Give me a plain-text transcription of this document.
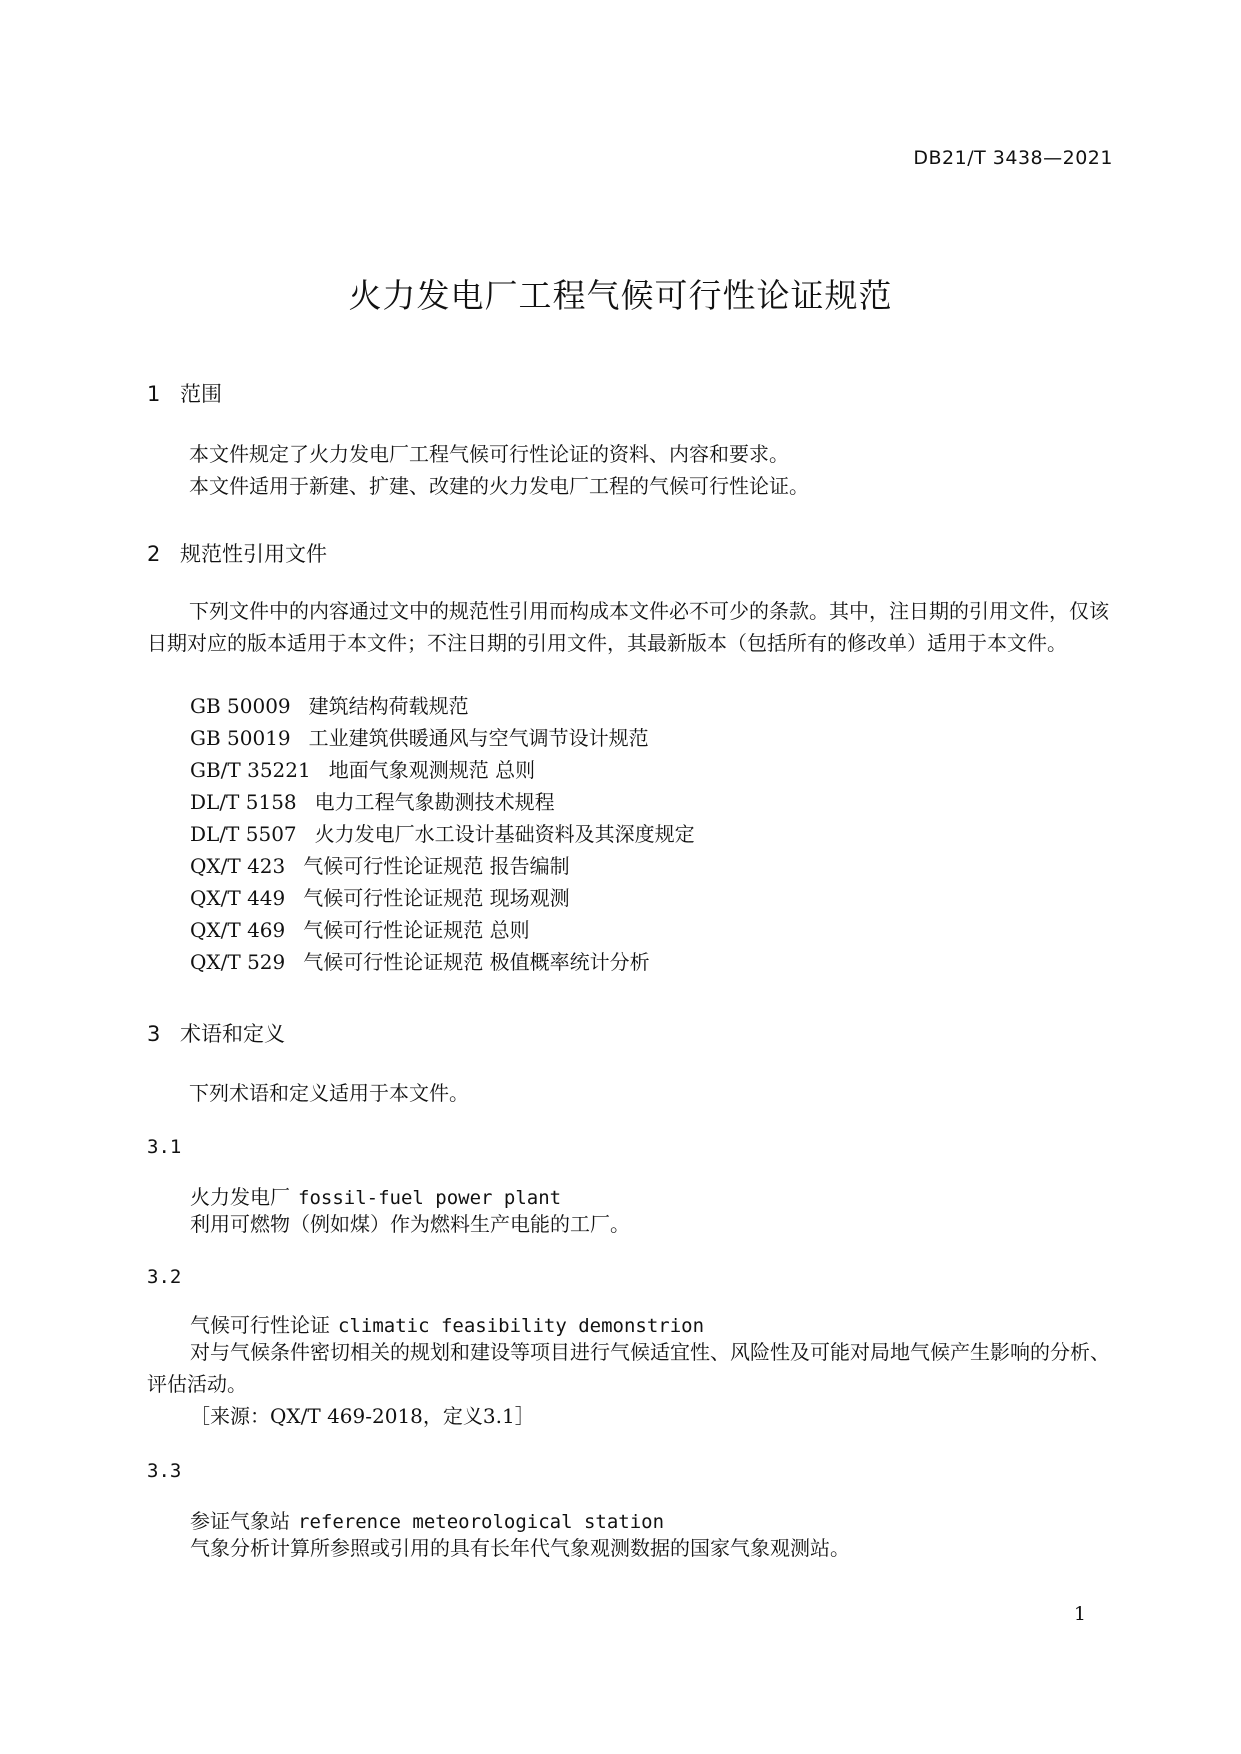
DB21/T 3438—2021
火力发电厂工程气候可行性论证规范
1 范围

本文件规定了火力发电厂工程气候可行性论证的资料、内容和要求。

本文件适用于新建、扩建、改建的火力发电厂工程的气候可行性论证。

2 规范性引用文件

下列文件中的内容通过文中的规范性引用而构成本文件必不可少的条款。其中，注日期的引用文件，仅该日期对应的版本适用于本文件；不注日期的引用文件，其最新版本（包括所有的修改单）适用于本文件。

GB 50009 建筑结构荷载规范
GB 50019 工业建筑供暖通风与空气调节设计规范
GB/T 35221 地面气象观测规范 总则
DL/T 5158 电力工程气象勘测技术规程
DL/T 5507 火力发电厂水工设计基础资料及其深度规定
QX/T 423 气候可行性论证规范 报告编制
QX/T 449 气候可行性论证规范 现场观测
QX/T 469 气候可行性论证规范 总则
QX/T 529 气候可行性论证规范 极值概率统计分析
3 术语和定义

下列术语和定义适用于本文件。

3.1
火力发电厂 fossil-fuel power plant

利用可燃物（例如煤）作为燃料生产电能的工厂。

3.2
气候可行性论证 climatic feasibility demonstrion

对与气候条件密切相关的规划和建设等项目进行气候适宜性、风险性及可能对局地气候产生影响的分析、评估活动。

［来源：QX/T 469-2018，定义3.1］

3.3
参证气象站 reference meteorological station

气象分析计算所参照或引用的具有长年代气象观测数据的国家气象观测站。

1
